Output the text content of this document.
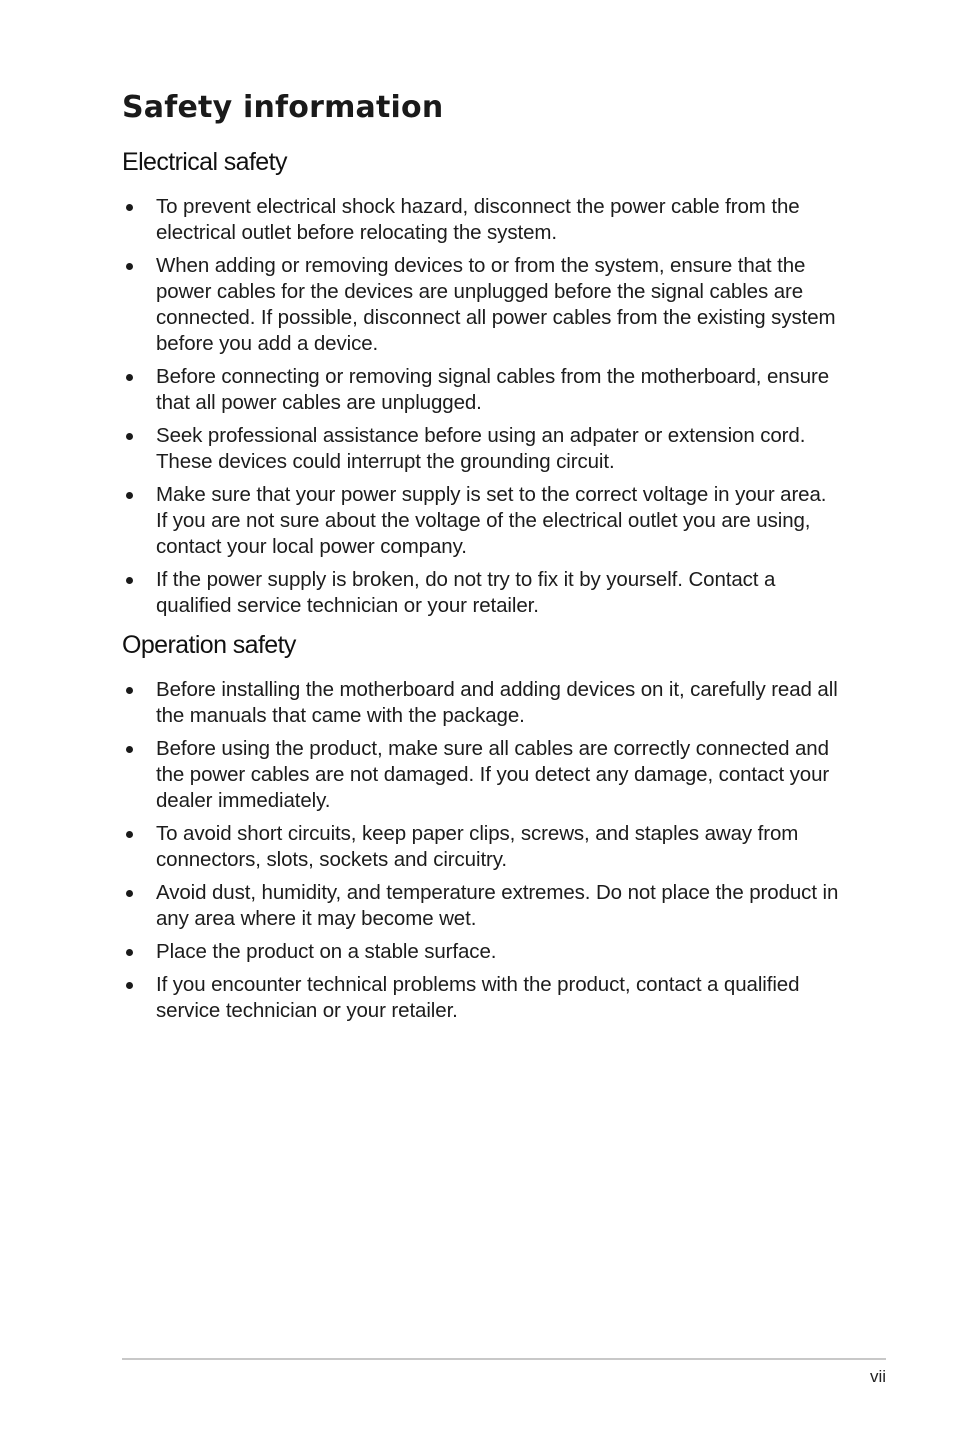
Safety information
Electrical safety
To prevent electrical shock hazard, disconnect the power cable from the electrical outlet before relocating the system.
When adding or removing devices to or from the system, ensure that the power cables for the devices are unplugged before the signal cables are connected. If possible, disconnect all power cables from the existing system before you add a device.
Before connecting or removing signal cables from the motherboard, ensure that all power cables are unplugged.
Seek professional assistance before using an adpater or extension cord. These devices could interrupt the grounding circuit.
Make sure that your power supply is set to the correct voltage in your area. If you are not sure about the voltage of the electrical outlet you are using, contact your local power company.
If the power supply is broken, do not try to fix it by yourself. Contact a qualified service technician or your retailer.
Operation safety
Before installing the motherboard and adding devices on it, carefully read all the manuals that came with the package.
Before using the product, make sure all cables are correctly connected and the power cables are not damaged. If you detect any damage, contact your dealer immediately.
To avoid short circuits, keep paper clips, screws, and staples away from connectors, slots, sockets and circuitry.
Avoid dust, humidity, and temperature extremes. Do not place the product in any area where it may become wet.
Place the product on a stable surface.
If you encounter technical problems with the product, contact a qualified service technician or your retailer.
vii
